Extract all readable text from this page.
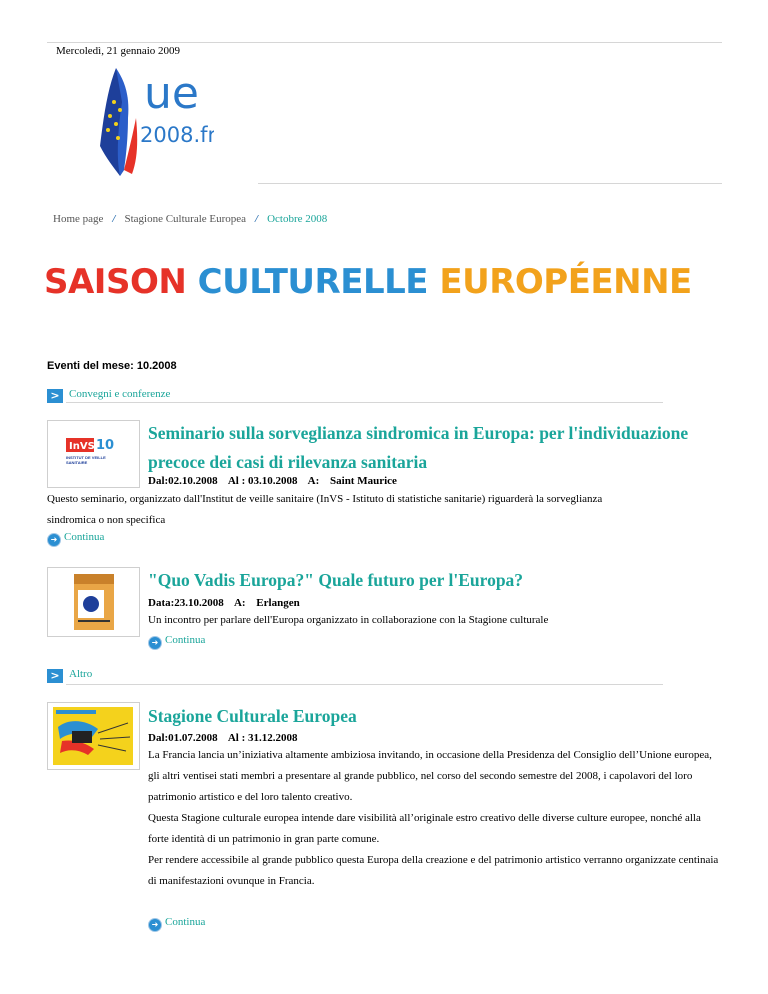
Mercoledì, 21 gennaio 2009
ue
2008.fr
Home page / Stagione Culturale Europea / Octobre 2008
SAISON CULTURELLE EUROPÉENNE
Eventi del mese: 10.2008
> Convegni e conferenze
InVS 10
INSTITUT DE VEILLE SANITAIRE
Seminario sulla sorveglianza sindromica in Europa: per l'individuazione precoce dei casi di rilevanza sanitaria
Dal:02.10.2008 Al : 03.10.2008 A: Saint Maurice
Questo seminario, organizzato dall'Institut de veille sanitaire (InVS - Istituto di statistiche sanitarie) riguarderà la sorveglianza sindromica o non specifica
➜ Continua
"Quo Vadis Europa?" Quale futuro per l'Europa?
Data:23.10.2008 A: Erlangen
Un incontro per parlare dell'Europa organizzato in collaborazione con la Stagione culturale
➜ Continua
> Altro
Stagione Culturale Europea
Dal:01.07.2008 Al : 31.12.2008
La Francia lancia un’iniziativa altamente ambiziosa invitando, in occasione della Presidenza del Consiglio dell’Unione europea, gli altri ventisei stati membri a presentare al grande pubblico, nel corso del secondo semestre del 2008, i capolavori del loro patrimonio artistico e del loro talento creativo.
Questa Stagione culturale europea intende dare visibilità all’originale estro creativo delle diverse culture europee, nonché alla forte identità di un patrimonio in gran parte comune.
Per rendere accessibile al grande pubblico questa Europa della creazione e del patrimonio artistico verranno organizzate centinaia di manifestazioni ovunque in Francia.
➜ Continua
